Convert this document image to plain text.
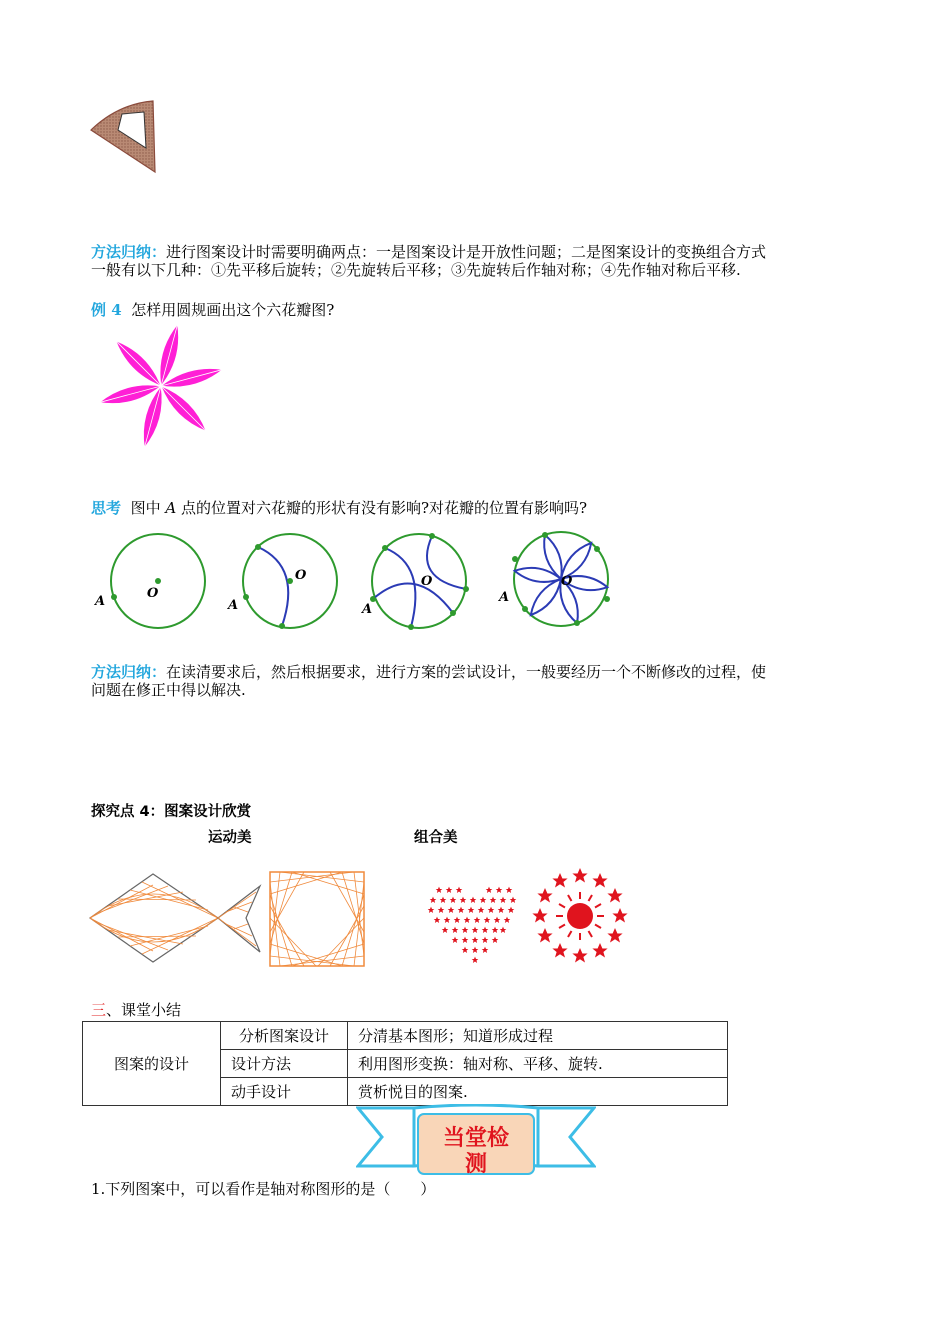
方法归纳：进行图案设计时需要明确两点：一是图案设计是开放性问题；二是图案设计的变换组合方式
一般有以下几种：①先平移后旋转；②先旋转后平移；③先旋转后作轴对称；④先作轴对称后平移.
例 4 怎样用圆规画出这个六花瓣图?
思考 图中 A 点的位置对六花瓣的形状有没有影响?对花瓣的位置有影响吗?
O
A
O
A
O
A
O
A
方法归纳：在读清要求后，然后根据要求，进行方案的尝试设计，一般要经历一个不断修改的过程，使
问题在修正中得以解决.
探究点 4：图案设计欣赏
运动美	组合美
三、课堂小结
图案的设计	分析图案设计	分清基本图形；知道形成过程
	设计方法	利用图形变换：轴对称、平移、旋转.
	动手设计	赏析悦目的图案.
当堂检
测
1.下列图案中，可以看作是轴对称图形的是（　　）
